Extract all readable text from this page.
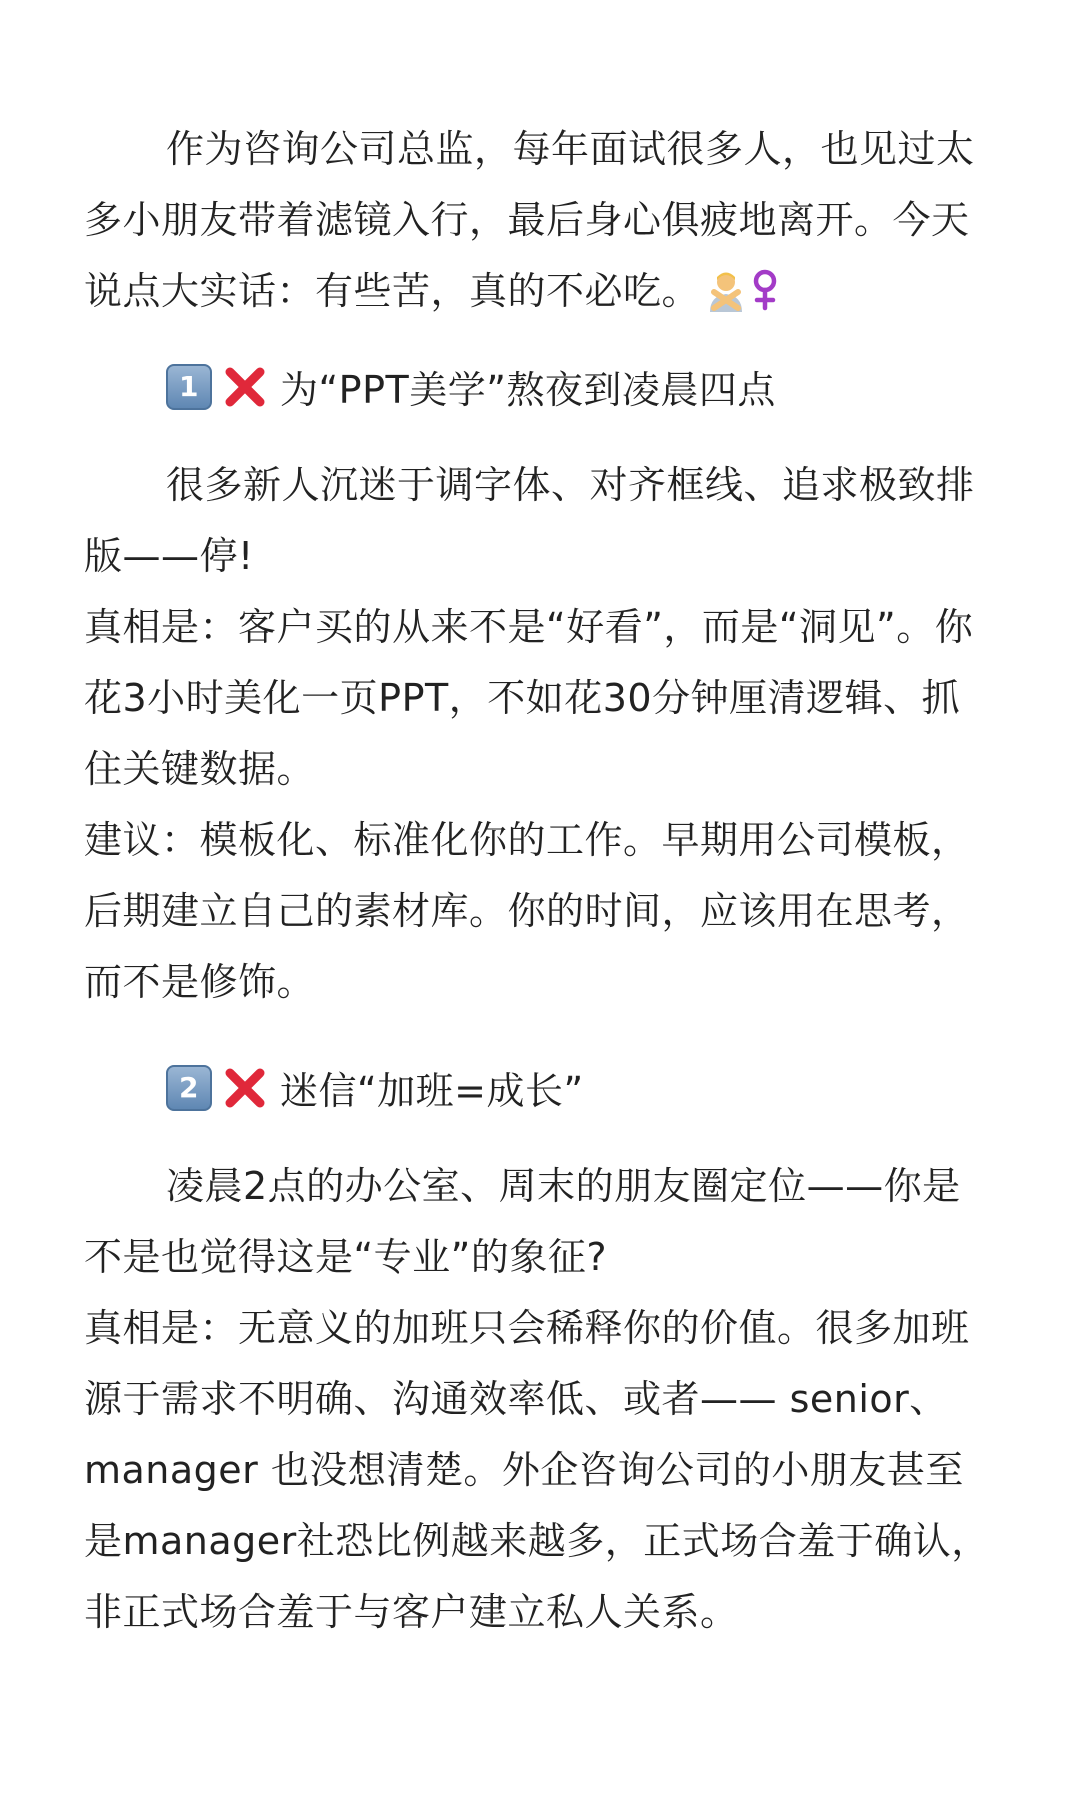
作为咨询公司总监，每年面试很多人，也见过太多小朋友带着滤镜入行，最后身心俱疲地离开。今天说点大实话：有些苦，真的不必吃。
1 为“PPT美学”熬夜到凌晨四点

很多新人沉迷于调字体、对齐框线、追求极致排版——停!

真相是：客户买的从来不是“好看”，而是“洞见”。你花3小时美化一页PPT，不如花30分钟厘清逻辑、抓住关键数据。

建议：模板化、标准化你的工作。早期用公司模板，后期建立自己的素材库。你的时间，应该用在思考，而不是修饰。

2 迷信“加班=成长”

凌晨2点的办公室、周末的朋友圈定位——你是不是也觉得这是“专业”的象征?

真相是：无意义的加班只会稀释你的价值。很多加班源于需求不明确、沟通效率低、或者—— senior、manager 也没想清楚。外企咨询公司的小朋友甚至是manager社恐比例越来越多，正式场合羞于确认，非正式场合羞于与客户建立私人关系。
